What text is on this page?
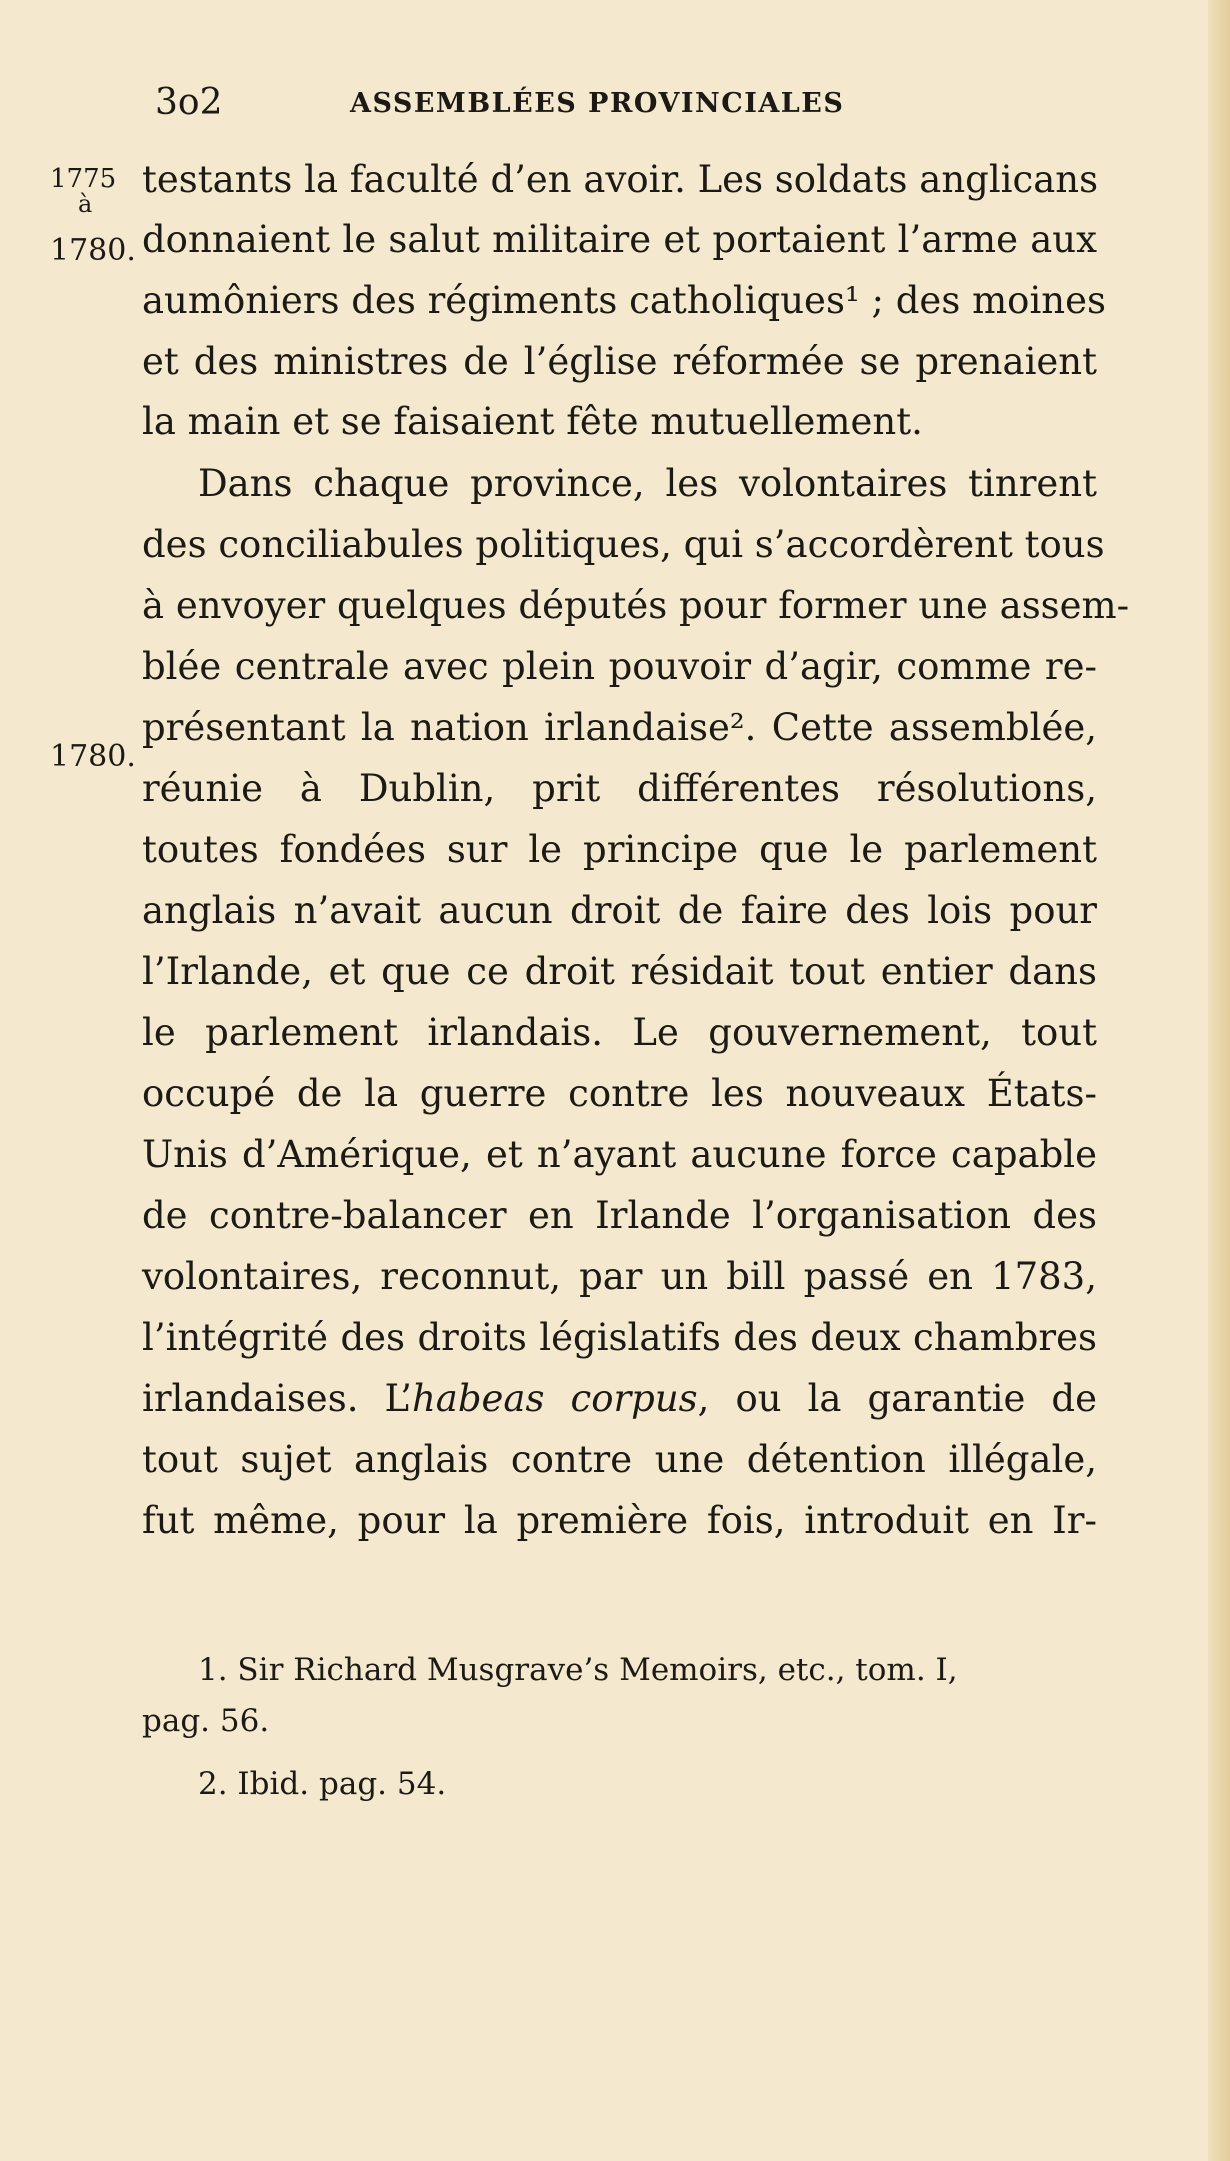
3o2	ASSEMBLÉES PROVINCIALES
1775
à
1780.
1780.
testants la faculté d’en avoir. Les soldats anglicans
donnaient le salut militaire et portaient l’arme aux
aumôniers des régiments catholiques¹ ; des moines
et des ministres de l’église réformée se prenaient
la main et se faisaient fête mutuellement.
Dans chaque province, les volontaires tinrent
des conciliabules politiques, qui s’accordèrent tous
à envoyer quelques députés pour former une assem-
blée centrale avec plein pouvoir d’agir, comme re-
présentant la nation irlandaise². Cette assemblée,
réunie à Dublin, prit différentes résolutions,
toutes fondées sur le principe que le parlement
anglais n’avait aucun droit de faire des lois pour
l’Irlande, et que ce droit résidait tout entier dans
le parlement irlandais. Le gouvernement, tout
occupé de la guerre contre les nouveaux États-
Unis d’Amérique, et n’ayant aucune force capable
de contre-balancer en Irlande l’organisation des
volontaires, reconnut, par un bill passé en 1783,
l’intégrité des droits législatifs des deux chambres
irlandaises. L’habeas corpus, ou la garantie de
tout sujet anglais contre une détention illégale,
fut même, pour la première fois, introduit en Ir-
1. Sir Richard Musgrave’s Memoirs, etc., tom. I,
pag. 56.
2. Ibid. pag. 54.
